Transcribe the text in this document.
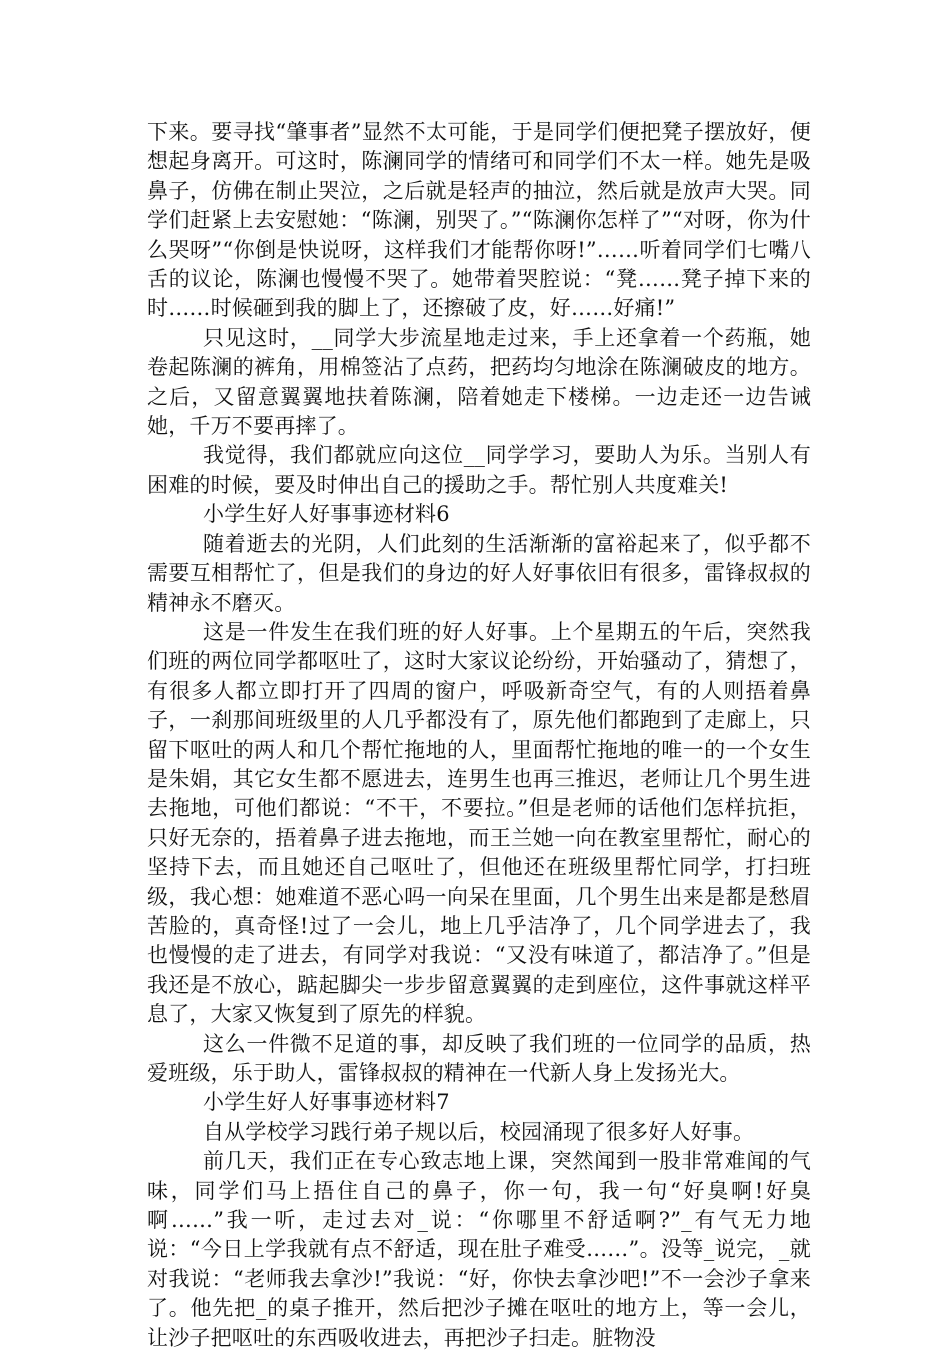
下来。要寻找“肇事者”显然不太可能，于是同学们便把凳子摆放好，便想起身离开。可这时，陈澜同学的情绪可和同学们不太一样。她先是吸鼻子，仿佛在制止哭泣，之后就是轻声的抽泣，然后就是放声大哭。同学们赶紧上去安慰她：“陈澜，别哭了。”“陈澜你怎样了”“对呀，你为什么哭呀”“你倒是快说呀，这样我们才能帮你呀!”……听着同学们七嘴八舌的议论，陈澜也慢慢不哭了。她带着哭腔说：“凳……凳子掉下来的时……时候砸到我的脚上了，还擦破了皮，好……好痛!”

只见这时，__同学大步流星地走过来，手上还拿着一个药瓶，她卷起陈澜的裤角，用棉签沾了点药，把药均匀地涂在陈澜破皮的地方。之后，又留意翼翼地扶着陈澜，陪着她走下楼梯。一边走还一边告诫她，千万不要再摔了。

我觉得，我们都就应向这位__同学学习，要助人为乐。当别人有困难的时候，要及时伸出自己的援助之手。帮忙别人共度难关!

小学生好人好事事迹材料6

随着逝去的光阴，人们此刻的生活渐渐的富裕起来了，似乎都不需要互相帮忙了，但是我们的身边的好人好事依旧有很多，雷锋叔叔的精神永不磨灭。

这是一件发生在我们班的好人好事。上个星期五的午后，突然我们班的两位同学都呕吐了，这时大家议论纷纷，开始骚动了，猜想了，有很多人都立即打开了四周的窗户，呼吸新奇空气，有的人则捂着鼻子，一刹那间班级里的人几乎都没有了，原先他们都跑到了走廊上，只留下呕吐的两人和几个帮忙拖地的人，里面帮忙拖地的唯一的一个女生是朱娟，其它女生都不愿进去，连男生也再三推迟，老师让几个男生进去拖地，可他们都说：“不干，不要拉。”但是老师的话他们怎样抗拒，只好无奈的，捂着鼻子进去拖地，而王兰她一向在教室里帮忙，耐心的坚持下去，而且她还自己呕吐了，但他还在班级里帮忙同学，打扫班级，我心想：她难道不恶心吗一向呆在里面，几个男生出来是都是愁眉苦脸的，真奇怪!过了一会儿，地上几乎洁净了，几个同学进去了，我也慢慢的走了进去，有同学对我说：“又没有味道了，都洁净了。”但是我还是不放心，踮起脚尖一步步留意翼翼的走到座位，这件事就这样平息了，大家又恢复到了原先的样貌。

这么一件微不足道的事，却反映了我们班的一位同学的品质，热爱班级，乐于助人，雷锋叔叔的精神在一代新人身上发扬光大。

小学生好人好事事迹材料7

自从学校学习践行弟子规以后，校园涌现了很多好人好事。

前几天，我们正在专心致志地上课，突然闻到一股非常难闻的气味，同学们马上捂住自己的鼻子，你一句，我一句“好臭啊!好臭啊……”我一听，走过去对_说：“你哪里不舒适啊?”_有气无力地说：“今日上学我就有点不舒适，现在肚子难受……”。没等_说完，_就对我说：“老师我去拿沙!”我说：“好，你快去拿沙吧!”不一会沙子拿来了。他先把_的桌子推开，然后把沙子摊在呕吐的地方上，等一会儿，让沙子把呕吐的东西吸收进去，再把沙子扫走。脏物没
